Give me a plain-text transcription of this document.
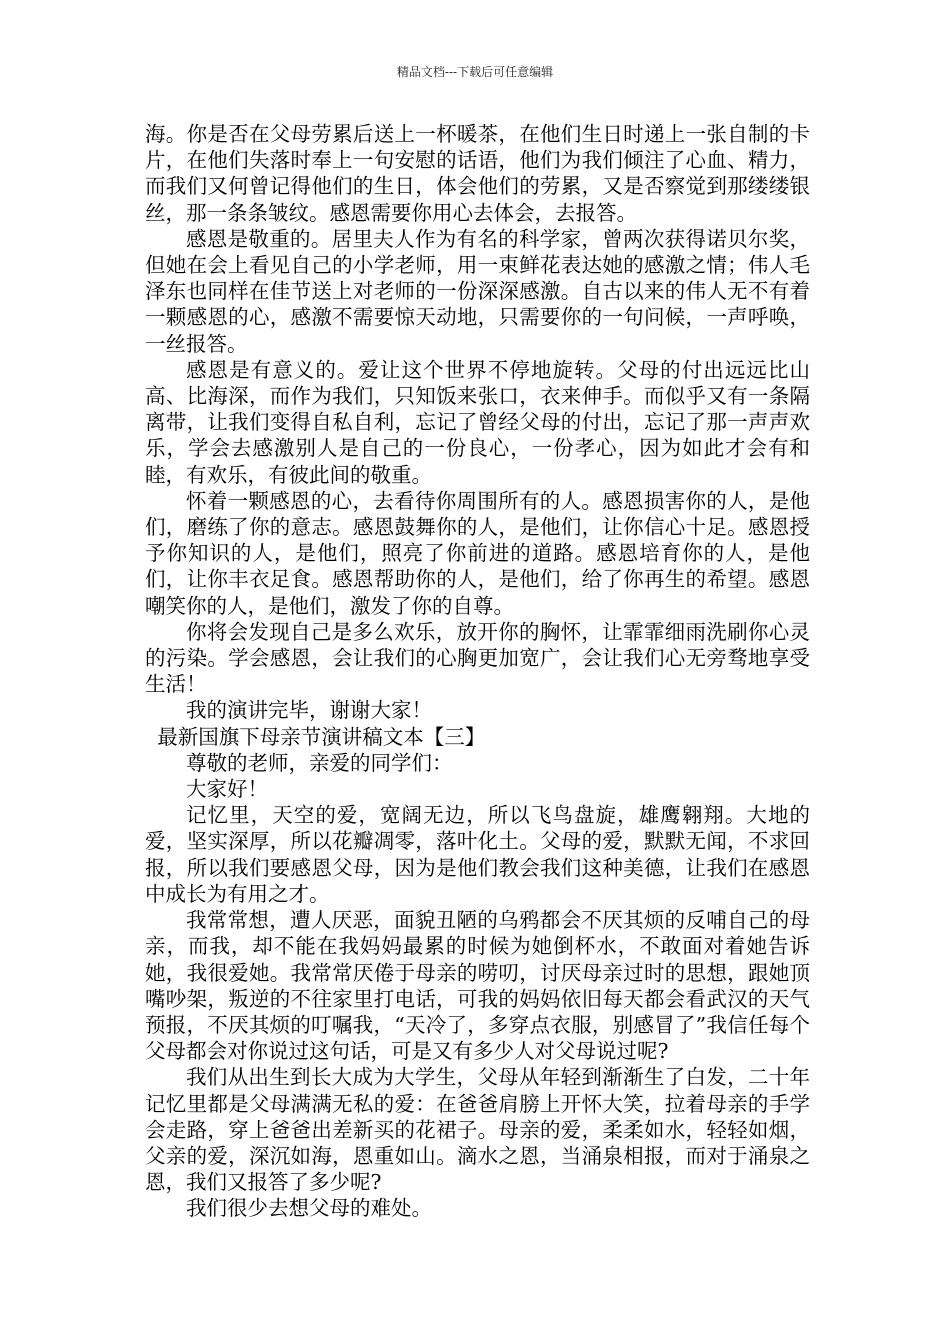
精品文档---下载后可任意编辑

海。你是否在父母劳累后送上一杯暖茶，在他们生日时递上一张自制的卡片，在他们失落时奉上一句安慰的话语，他们为我们倾注了心血、精力，而我们又何曾记得他们的生日，体会他们的劳累，又是否察觉到那缕缕银丝，那一条条皱纹。感恩需要你用心去体会，去报答。

感恩是敬重的。居里夫人作为有名的科学家，曾两次获得诺贝尔奖，但她在会上看见自己的小学老师，用一束鲜花表达她的感激之情；伟人毛泽东也同样在佳节送上对老师的一份深深感激。自古以来的伟人无不有着一颗感恩的心，感激不需要惊天动地，只需要你的一句问候，一声呼唤，一丝报答。

感恩是有意义的。爱让这个世界不停地旋转。父母的付出远远比山高、比海深，而作为我们，只知饭来张口，衣来伸手。而似乎又有一条隔离带，让我们变得自私自利，忘记了曾经父母的付出，忘记了那一声声欢乐，学会去感激别人是自己的一份良心，一份孝心，因为如此才会有和睦，有欢乐，有彼此间的敬重。

怀着一颗感恩的心，去看待你周围所有的人。感恩损害你的人，是他们，磨练了你的意志。感恩鼓舞你的人，是他们，让你信心十足。感恩授予你知识的人，是他们，照亮了你前进的道路。感恩培育你的人，是他们，让你丰衣足食。感恩帮助你的人，是他们，给了你再生的希望。感恩嘲笑你的人，是他们，激发了你的自尊。

你将会发现自己是多么欢乐，放开你的胸怀，让霏霏细雨洗刷你心灵的污染。学会感恩，会让我们的心胸更加宽广，会让我们心无旁骛地享受生活！

我的演讲完毕，谢谢大家！

最新国旗下母亲节演讲稿文本【三】

尊敬的老师，亲爱的同学们：

大家好！

记忆里，天空的爱，宽阔无边，所以飞鸟盘旋，雄鹰翱翔。大地的爱，坚实深厚，所以花瓣凋零，落叶化土。父母的爱，默默无闻，不求回报，所以我们要感恩父母，因为是他们教会我们这种美德，让我们在感恩中成长为有用之才。

我常常想，遭人厌恶，面貌丑陋的乌鸦都会不厌其烦的反哺自己的母亲，而我，却不能在我妈妈最累的时候为她倒杯水，不敢面对着她告诉她，我很爱她。我常常厌倦于母亲的唠叨，讨厌母亲过时的思想，跟她顶嘴吵架，叛逆的不往家里打电话，可我的妈妈依旧每天都会看武汉的天气预报，不厌其烦的叮嘱我，“天冷了，多穿点衣服，别感冒了”我信任每个父母都会对你说过这句话，可是又有多少人对父母说过呢?

我们从出生到长大成为大学生，父母从年轻到渐渐生了白发，二十年记忆里都是父母满满无私的爱：在爸爸肩膀上开怀大笑，拉着母亲的手学会走路，穿上爸爸出差新买的花裙子。母亲的爱，柔柔如水，轻轻如烟，父亲的爱，深沉如海，恩重如山。滴水之恩，当涌泉相报，而对于涌泉之恩，我们又报答了多少呢?

我们很少去想父母的难处。
